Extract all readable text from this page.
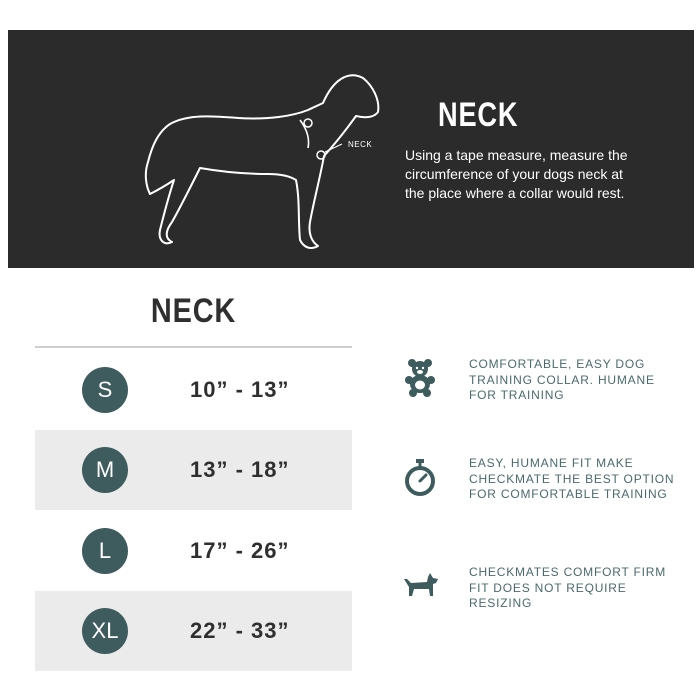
NECK
NECK

Using a tape measure, measure the circumference of your dogs neck at the place where a collar would rest.

NECK
S	10” - 13”
M	13” - 18”
L	17” - 26”
XL	22” - 33”

COMFORTABLE, EASY DOG TRAINING COLLAR. HUMANE FOR TRAINING

EASY, HUMANE FIT MAKE CHECKMATE THE BEST OPTION FOR COMFORTABLE TRAINING

CHECKMATES COMFORT FIRM FIT DOES NOT REQUIRE RESIZING
